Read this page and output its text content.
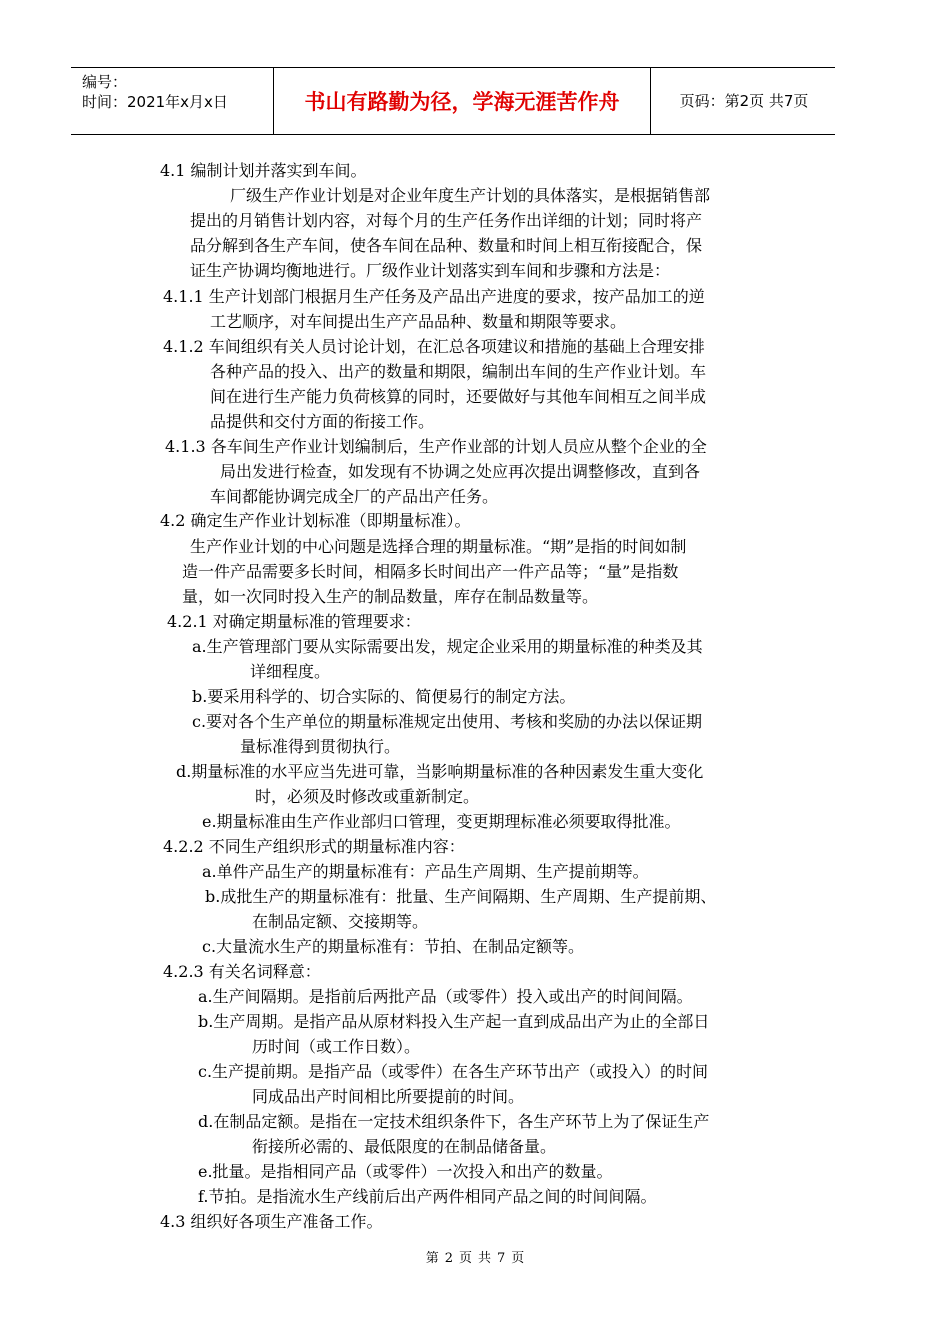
编号：
时间：2021年x月x日	书山有路勤为径，学海无涯苦作舟	页码：第2页 共7页
4.1 编制计划并落实到车间。
厂级生产作业计划是对企业年度生产计划的具体落实，是根据销售部
提出的月销售计划内容，对每个月的生产任务作出详细的计划；同时将产
品分解到各生产车间，使各车间在品种、数量和时间上相互衔接配合，保
证生产协调均衡地进行。厂级作业计划落实到车间和步骤和方法是：
4.1.1 生产计划部门根据月生产任务及产品出产进度的要求，按产品加工的逆
工艺顺序，对车间提出生产产品品种、数量和期限等要求。
4.1.2 车间组织有关人员讨论计划，在汇总各项建议和措施的基础上合理安排
各种产品的投入、出产的数量和期限，编制出车间的生产作业计划。车
间在进行生产能力负荷核算的同时，还要做好与其他车间相互之间半成
品提供和交付方面的衔接工作。
4.1.3 各车间生产作业计划编制后，生产作业部的计划人员应从整个企业的全
局出发进行检查，如发现有不协调之处应再次提出调整修改，直到各
车间都能协调完成全厂的产品出产任务。
4.2 确定生产作业计划标准（即期量标准）。
生产作业计划的中心问题是选择合理的期量标准。“期”是指的时间如制
造一件产品需要多长时间，相隔多长时间出产一件产品等；“量”是指数
量，如一次同时投入生产的制品数量，库存在制品数量等。
4.2.1 对确定期量标准的管理要求：
a.生产管理部门要从实际需要出发，规定企业采用的期量标准的种类及其
详细程度。
b.要采用科学的、切合实际的、简便易行的制定方法。
c.要对各个生产单位的期量标准规定出使用、考核和奖励的办法以保证期
量标准得到贯彻执行。
d.期量标准的水平应当先进可靠，当影响期量标准的各种因素发生重大变化
时，必须及时修改或重新制定。
e.期量标准由生产作业部归口管理，变更期理标准必须要取得批准。
4.2.2 不同生产组织形式的期量标准内容：
a.单件产品生产的期量标准有：产品生产周期、生产提前期等。
b.成批生产的期量标准有：批量、生产间隔期、生产周期、生产提前期、
在制品定额、交接期等。
c.大量流水生产的期量标准有：节拍、在制品定额等。
4.2.3 有关名词释意：
a.生产间隔期。是指前后两批产品（或零件）投入或出产的时间间隔。
b.生产周期。是指产品从原材料投入生产起一直到成品出产为止的全部日
历时间（或工作日数）。
c.生产提前期。是指产品（或零件）在各生产环节出产（或投入）的时间
同成品出产时间相比所要提前的时间。
d.在制品定额。是指在一定技术组织条件下，各生产环节上为了保证生产
衔接所必需的、最低限度的在制品储备量。
e.批量。是指相同产品（或零件）一次投入和出产的数量。
f.节拍。是指流水生产线前后出产两件相同产品之间的时间间隔。
4.3 组织好各项生产准备工作。
第 2 页 共 7 页
